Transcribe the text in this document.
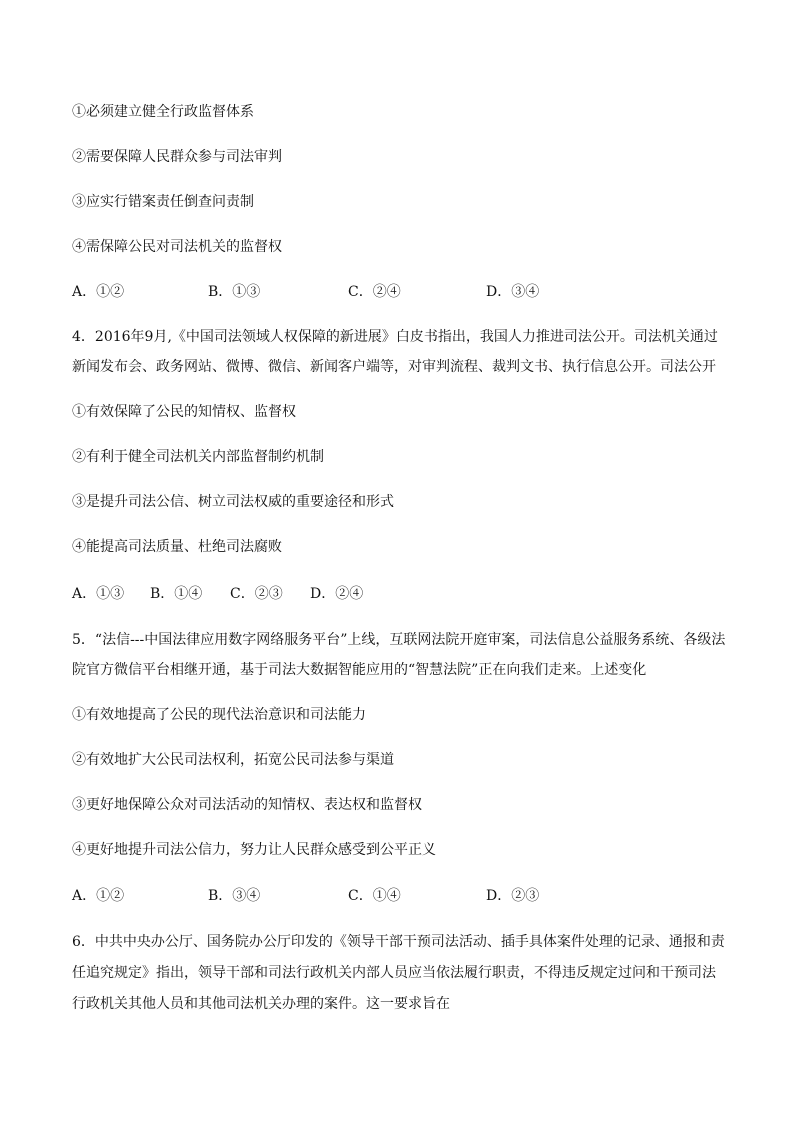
①必须建立健全行政监督体系
②需要保障人民群众参与司法审判
③应实行错案责任倒查问责制
④需保障公民对司法机关的监督权
A．①②	B．①③	C．②④	D．③④
4．2016年9月,《中国司法领域人权保障的新进展》白皮书指出，我国人力推进司法公开。司法机关通过
新闻发布会、政务网站、微博、微信、新闻客户端等，对审判流程、裁判文书、执行信息公开。司法公开
①有效保障了公民的知情权、监督权
②有利于健全司法机关内部监督制约机制
③是提升司法公信、树立司法权威的重要途径和形式
④能提高司法质量、杜绝司法腐败
A．①③ B．①④ C．②③ D．②④
5．“法信---中国法律应用数字网络服务平台”上线，互联网法院开庭审案，司法信息公益服务系统、各级法
院官方微信平台相继开通，基于司法大数据智能应用的“智慧法院”正在向我们走来。上述变化
①有效地提高了公民的现代法治意识和司法能力
②有效地扩大公民司法权利，拓宽公民司法参与渠道
③更好地保障公众对司法活动的知情权、表达权和监督权
④更好地提升司法公信力，努力让人民群众感受到公平正义
A．①②	B．③④	C．①④	D．②③
6．中共中央办公厅、国务院办公厅印发的《领导干部干预司法活动、插手具体案件处理的记录、通报和责
任追究规定》指出，领导干部和司法行政机关内部人员应当依法履行职责，不得违反规定过问和干预司法
行政机关其他人员和其他司法机关办理的案件。这一要求旨在
